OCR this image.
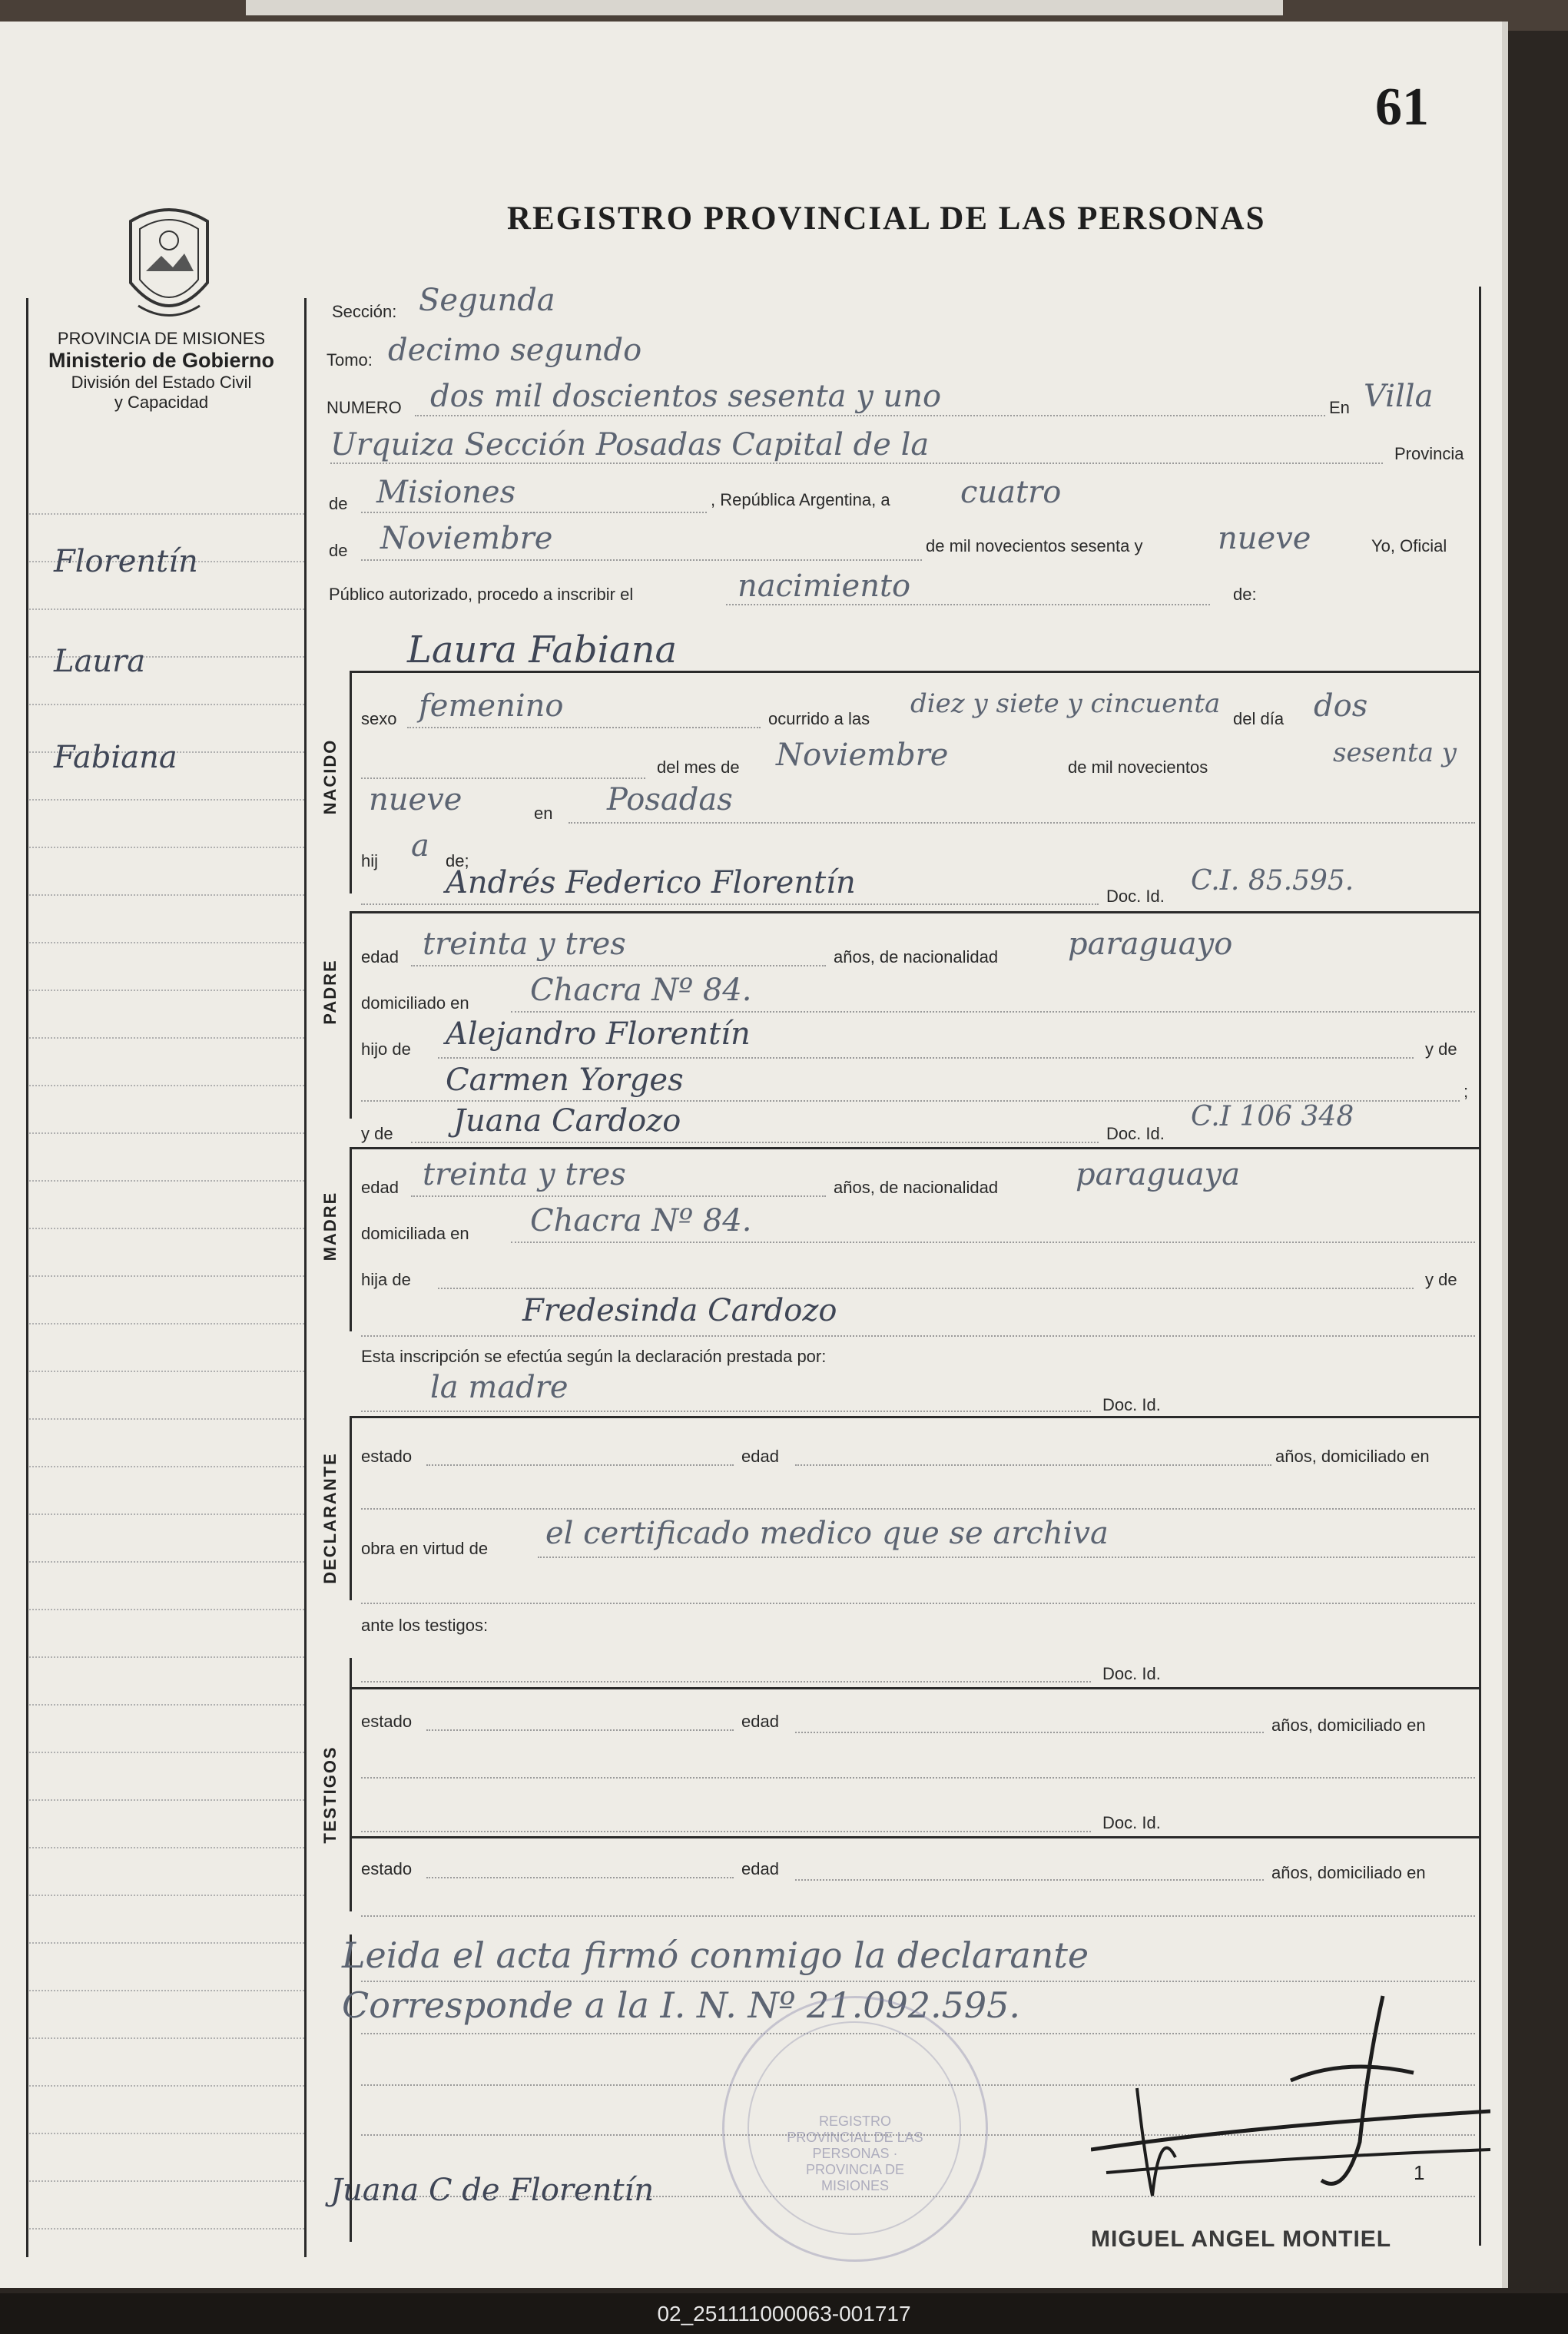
61
REGISTRO PROVINCIAL DE LAS PERSONAS
PROVINCIA DE MISIONES
Ministerio de Gobierno
División del Estado Civil
y Capacidad
Florentín
Laura
Fabiana
Sección: Segunda
Tomo: decimo segundo
NUMERO dos mil doscientos sesenta y uno	En Villa
Urquiza Sección Posadas Capital de la	Provincia
de Misiones	, República Argentina, a cuatro
de Noviembre	de mil novecientos sesenta y nueve	Yo, Oficial
Público autorizado, procedo a inscribir el	nacimiento	de:
NACIDO
Laura Fabiana
sexo femenino	ocurrido a las diez y siete y cincuenta del día dos
del mes de Noviembre	de mil novecientos	sesenta y
nueve	en Posadas
hij a de;
Andrés Federico Florentín	Doc. Id. C.I. 85.595.
PADRE
edad treinta y tres	años, de nacionalidad paraguayo
domiciliado en Chacra Nº 84.
hijo de Alejandro Florentín	y de
Carmen Yorges	;
y de Juana Cardozo	Doc. Id.
C.I 106 348
MADRE
edad treinta y tres	años, de nacionalidad	paraguaya
domiciliada en Chacra Nº 84.
hija de	y de
Fredesinda Cardozo
Esta inscripción se efectúa según la declaración prestada por:
la madre	Doc. Id.
DECLARANTE estado	edad	años, domiciliado en
obra en virtud de el certificado medico que se archiva
ante los testigos:
TESTIGOS
Doc. Id.
estado	edad	años, domiciliado en
Doc. Id.
estado	edad	años, domiciliado en
Leida el acta firmó conmigo la declarante
Corresponde a la I. N. Nº 21.092.595.
REGISTRO PROVINCIAL DE LAS PERSONAS · PROVINCIA DE MISIONES
Juana C de Florentín	1
MIGUEL ANGEL MONTIEL
02_251111000063-001717
